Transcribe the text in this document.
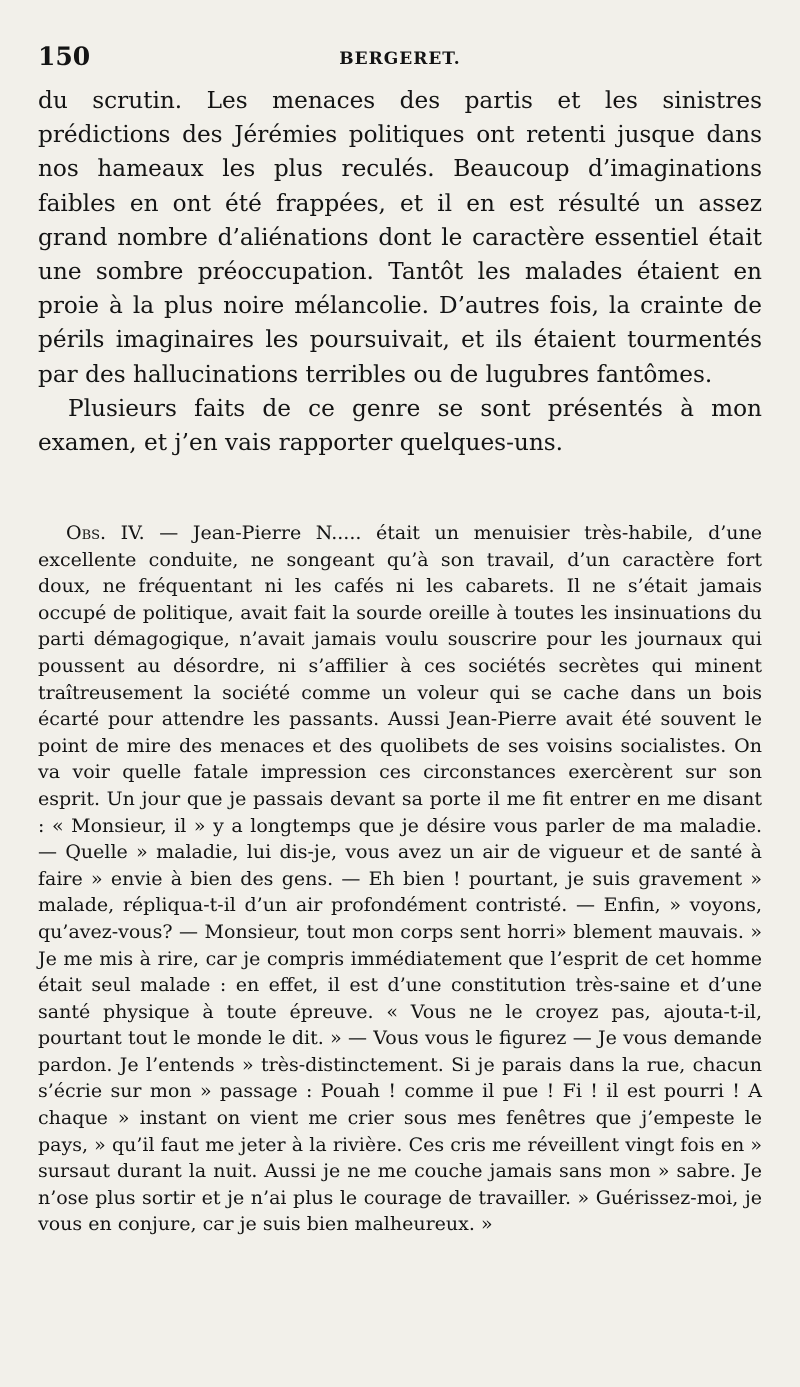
150	BERGERET.

du scrutin. Les menaces des partis et les sinistres prédictions des Jérémies politiques ont retenti jusque dans nos hameaux les plus reculés. Beaucoup d’imaginations faibles en ont été frappées, et il en est résulté un assez grand nombre d’aliénations dont le caractère essentiel était une sombre préoccupation. Tantôt les malades étaient en proie à la plus noire mélancolie. D’autres fois, la crainte de périls imaginaires les poursuivait, et ils étaient tourmentés par des hallucinations terribles ou de lugubres fantômes.

Plusieurs faits de ce genre se sont présentés à mon examen, et j’en vais rapporter quelques-uns.

Obs. IV. — Jean-Pierre N..... était un menuisier très-habile, d’une excellente conduite, ne songeant qu’à son travail, d’un caractère fort doux, ne fréquentant ni les cafés ni les cabarets. Il ne s’était jamais occupé de politique, avait fait la sourde oreille à toutes les insinuations du parti démagogique, n’avait jamais voulu souscrire pour les journaux qui poussent au désordre, ni s’affilier à ces sociétés secrètes qui minent traîtreusement la société comme un voleur qui se cache dans un bois écarté pour attendre les passants. Aussi Jean-Pierre avait été souvent le point de mire des menaces et des quolibets de ses voisins socialistes. On va voir quelle fatale impression ces circonstances exercèrent sur son esprit. Un jour que je passais devant sa porte il me fit entrer en me disant : « Monsieur, il » y a longtemps que je désire vous parler de ma maladie. — Quelle » maladie, lui dis-je, vous avez un air de vigueur et de santé à faire » envie à bien des gens. — Eh bien ! pourtant, je suis gravement » malade, répliqua-t-il d’un air profondément contristé. — Enfin, » voyons, qu’avez-vous? — Monsieur, tout mon corps sent horri» blement mauvais. » Je me mis à rire, car je compris immédiatement que l’esprit de cet homme était seul malade : en effet, il est d’une constitution très-saine et d’une santé physique à toute épreuve. « Vous ne le croyez pas, ajouta-t-il, pourtant tout le monde le dit. » — Vous vous le figurez — Je vous demande pardon. Je l’entends » très-distinctement. Si je parais dans la rue, chacun s’écrie sur mon » passage : Pouah ! comme il pue ! Fi ! il est pourri ! A chaque » instant on vient me crier sous mes fenêtres que j’empeste le pays, » qu’il faut me jeter à la rivière. Ces cris me réveillent vingt fois en » sursaut durant la nuit. Aussi je ne me couche jamais sans mon » sabre. Je n’ose plus sortir et je n’ai plus le courage de travailler. » Guérissez-moi, je vous en conjure, car je suis bien malheureux. »
